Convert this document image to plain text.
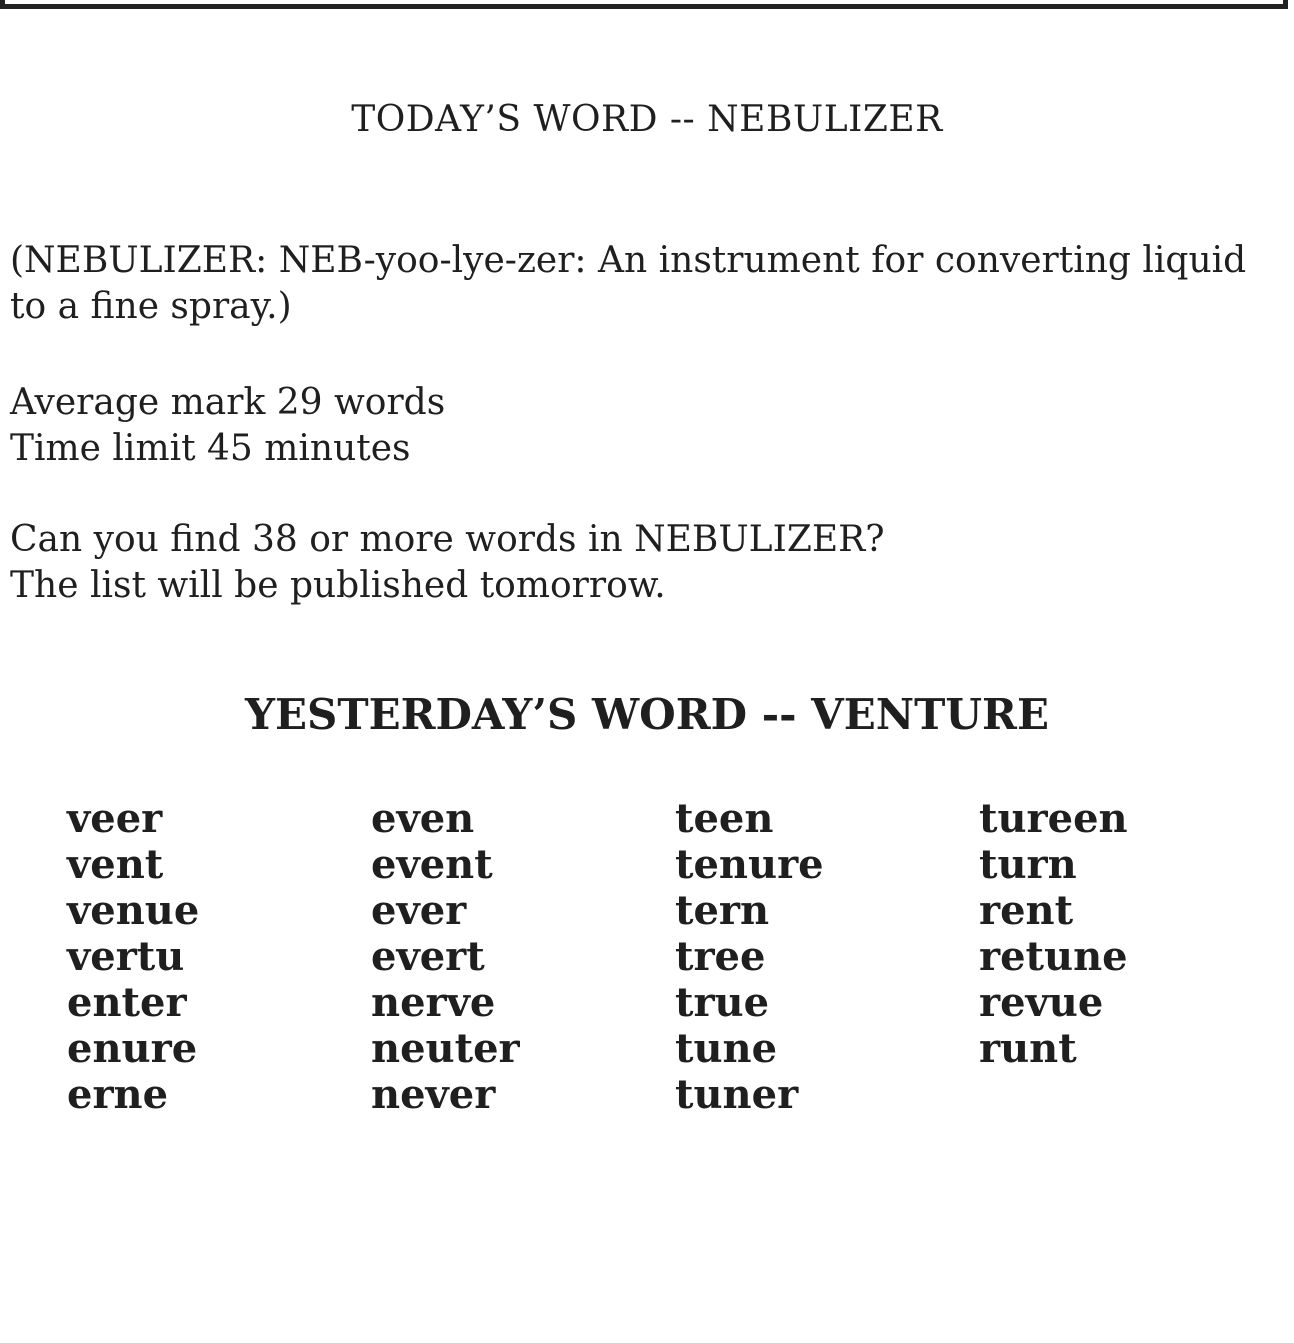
TODAY’S WORD -- NEBULIZER

(NEBULIZER: NEB-yoo-lye-zer: An instrument for converting liquid to a fine spray.)

Average mark 29 words
Time limit 45 minutes

Can you find 38 or more words in NEBULIZER?
The list will be published tomorrow.

YESTERDAY’S WORD -- VENTURE
veer
vent
venue
vertu
enter
enure
erne
even
event
ever
evert
nerve
neuter
never
teen
tenure
tern
tree
true
tune
tuner
tureen
turn
rent
retune
revue
runt
